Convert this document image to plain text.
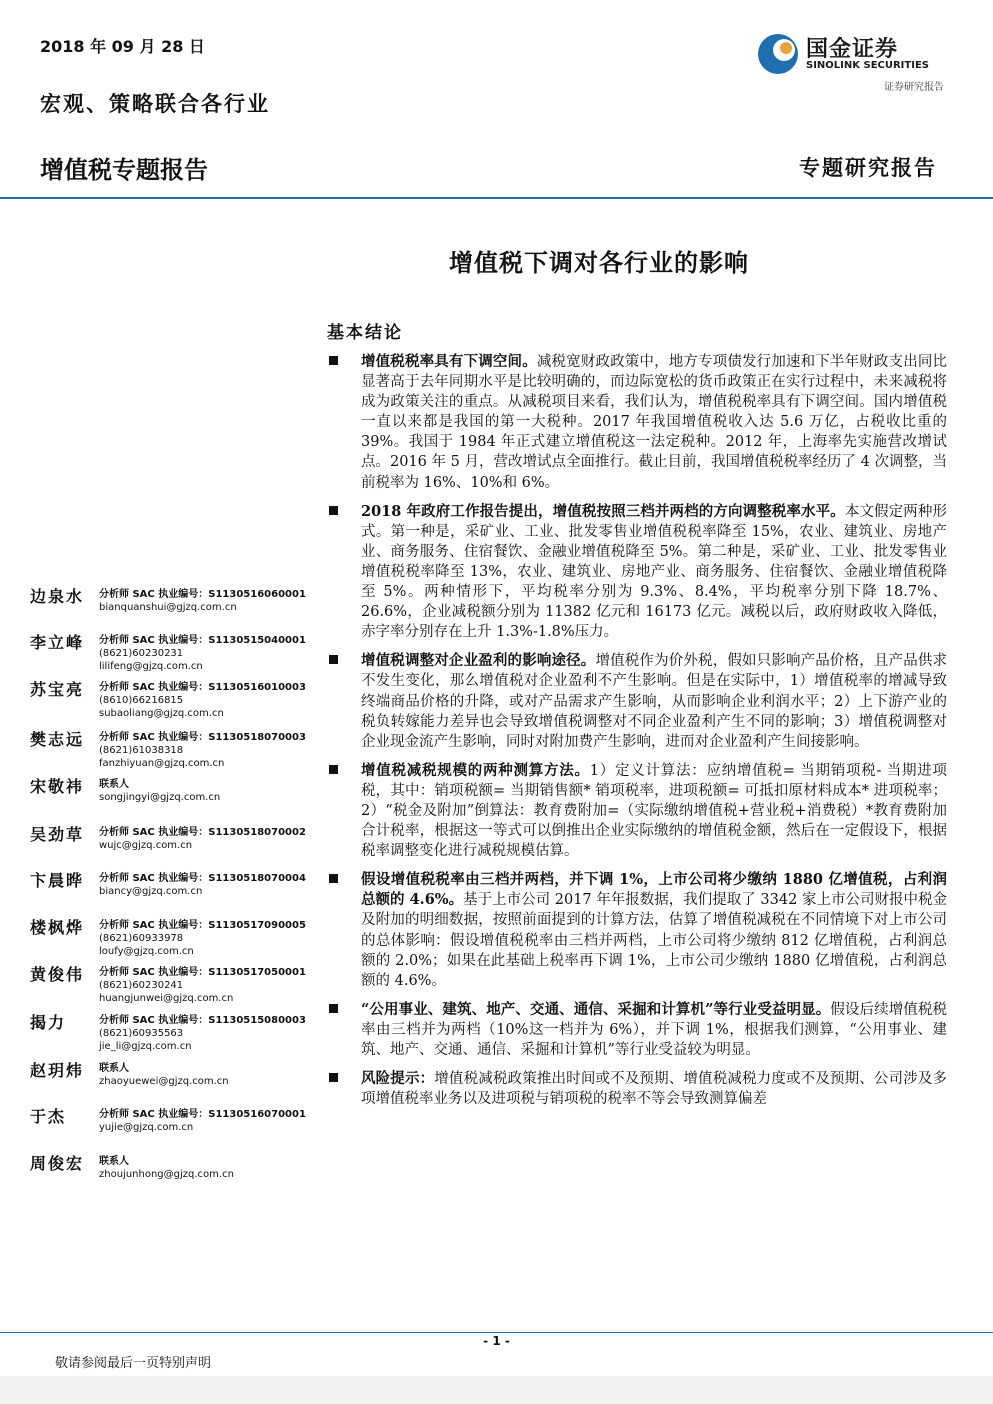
2018 年 09 月 28 日
宏观、策略联合各行业
增值税专题报告	专题研究报告
国金证券
SINOLINK SECURITIES
证券研究报告
增值税下调对各行业的影响
基本结论
增值税税率具有下调空间。减税宽财政政策中，地方专项债发行加速和下半年财政支出同比显著高于去年同期水平是比较明确的，而边际宽松的货币政策正在实行过程中，未来减税将成为政策关注的重点。从减税项目来看，我们认为，增值税税率具有下调空间。国内增值税一直以来都是我国的第一大税种。2017 年我国增值税收入达 5.6 万亿，占税收比重的 39%。我国于 1984 年正式建立增值税这一法定税种。2012 年，上海率先实施营改增试点。2016 年 5 月，营改增试点全面推行。截止目前，我国增值税税率经历了 4 次调整，当前税率为 16%、10%和 6%。
2018 年政府工作报告提出，增值税按照三档并两档的方向调整税率水平。本文假定两种形式。第一种是，采矿业、工业、批发零售业增值税税率降至 15%，农业、建筑业、房地产业、商务服务、住宿餐饮、金融业增值税降至 5%。第二种是，采矿业、工业、批发零售业增值税税率降至 13%，农业、建筑业、房地产业、商务服务、住宿餐饮、金融业增值税降至 5%。两种情形下，平均税率分别为 9.3%、8.4%，平均税率分别下降 18.7%、26.6%，企业减税额分别为 11382 亿元和 16173 亿元。减税以后，政府财政收入降低，赤字率分别存在上升 1.3%-1.8%压力。
增值税调整对企业盈利的影响途径。增值税作为价外税，假如只影响产品价格，且产品供求不发生变化，那么增值税对企业盈利不产生影响。但是在实际中，1）增值税率的增减导致终端商品价格的升降，或对产品需求产生影响，从而影响企业利润水平；2）上下游产业的税负转嫁能力差异也会导致增值税调整对不同企业盈利产生不同的影响；3）增值税调整对企业现金流产生影响，同时对附加费产生影响，进而对企业盈利产生间接影响。
增值税减税规模的两种测算方法。1）定义计算法：应纳增值税= 当期销项税- 当期进项税，其中：销项税额= 当期销售额* 销项税率，进项税额= 可抵扣原材料成本* 进项税率；2）“税金及附加”倒算法：教育费附加=（实际缴纳增值税+营业税+消费税）*教育费附加合计税率，根据这一等式可以倒推出企业实际缴纳的增值税金额，然后在一定假设下，根据税率调整变化进行减税规模估算。
假设增值税税率由三档并两档，并下调 1%，上市公司将少缴纳 1880 亿增值税，占利润总额的 4.6%。基于上市公司 2017 年年报数据，我们提取了 3342 家上市公司财报中税金及附加的明细数据，按照前面提到的计算方法，估算了增值税减税在不同情境下对上市公司的总体影响：假设增值税税率由三档并两档，上市公司将少缴纳 812 亿增值税，占利润总额的 2.0%；如果在此基础上税率再下调 1%，上市公司少缴纳 1880 亿增值税，占利润总额的 4.6%。
“公用事业、建筑、地产、交通、通信、采掘和计算机”等行业受益明显。假设后续增值税税率由三档并为两档（10%这一档并为 6%），并下调 1%，根据我们测算，“公用事业、建筑、地产、交通、通信、采掘和计算机”等行业受益较为明显。
风险提示：增值税减税政策推出时间或不及预期、增值税减税力度或不及预期、公司涉及多项增值税率业务以及进项税与销项税的税率不等会导致测算偏差
边泉水 分析师 SAC 执业编号：S1130516060001
bianquanshui@gjzq.com.cn
李立峰 分析师 SAC 执业编号：S1130515040001
(8621)60230231
lilifeng@gjzq.com.cn
苏宝亮 分析师 SAC 执业编号：S1130516010003
(8610)66216815
subaoliang@gjzq.com.cn
樊志远 分析师 SAC 执业编号：S1130518070003
(8621)61038318
fanzhiyuan@gjzq.com.cn
宋敬祎 联系人
songjingyi@gjzq.com.cn
吴劲草 分析师 SAC 执业编号：S1130518070002
wujc@gjzq.com.cn
卞晨晔 分析师 SAC 执业编号：S1130518070004
biancy@gjzq.com.cn
楼枫烨 分析师 SAC 执业编号：S1130517090005
(8621)60933978
loufy@gjzq.com.cn
黄俊伟 分析师 SAC 执业编号：S1130517050001
(8621)60230241
huangjunwei@gjzq.com.cn
揭力	分析师 SAC 执业编号：S1130515080003
(8621)60935563
jie_li@gjzq.com.cn
赵玥炜 联系人
zhaoyuewei@gjzq.com.cn
于杰	分析师 SAC 执业编号：S1130516070001
yujie@gjzq.com.cn
周俊宏 联系人
zhoujunhong@gjzq.com.cn
- 1 -
敬请参阅最后一页特别声明
